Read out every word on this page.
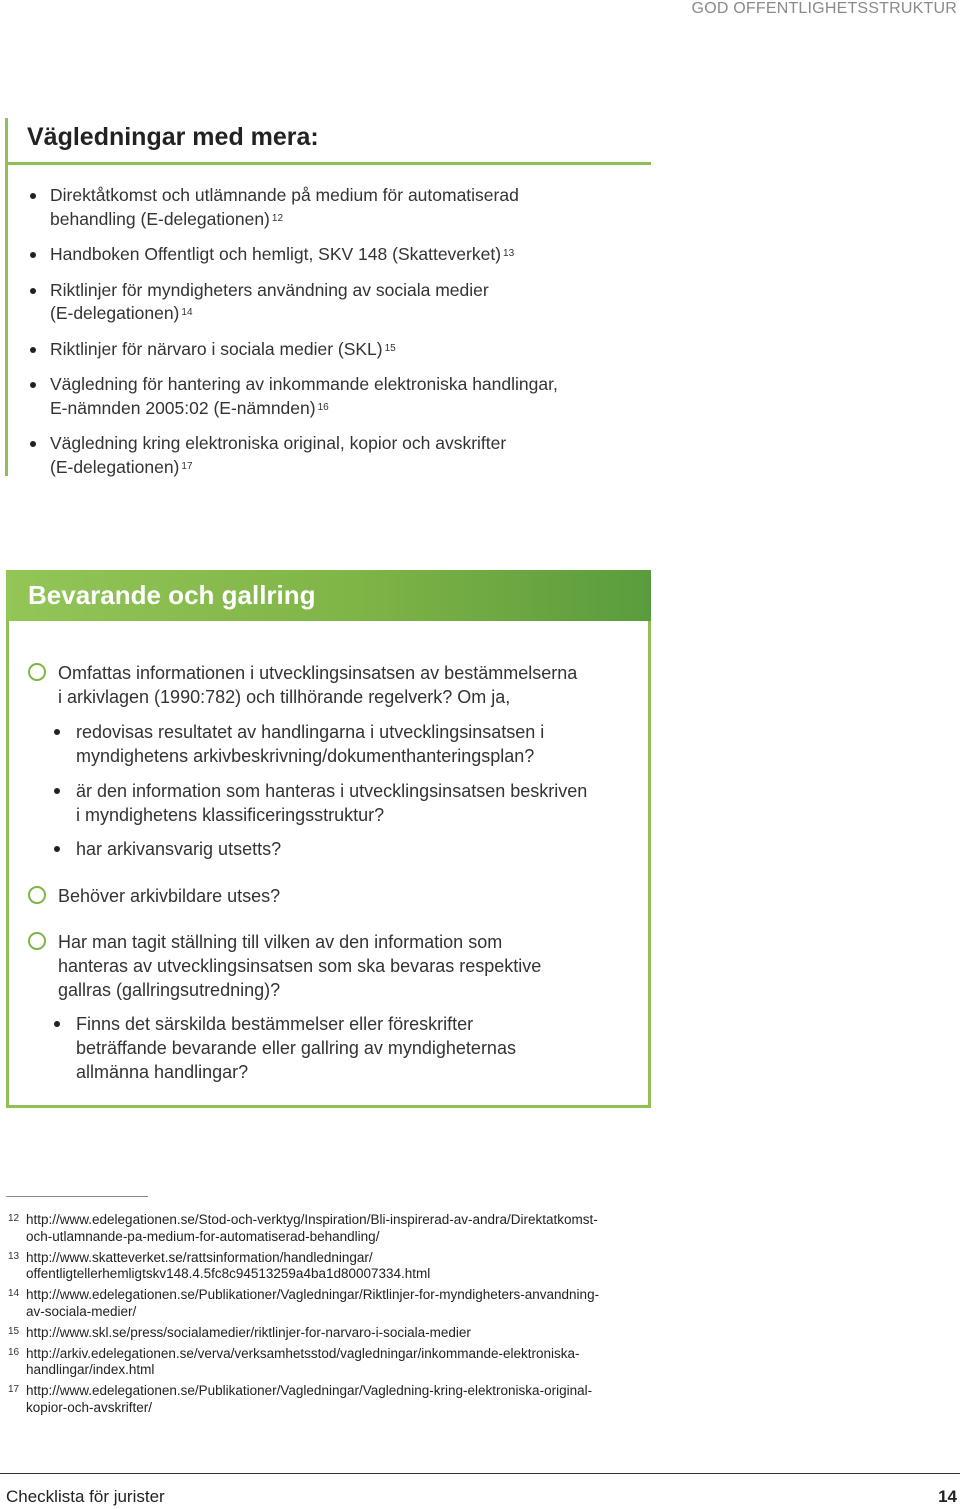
GOD OFFENTLIGHETSSTRUKTUR
Vägledningar med mera:
Direktåtkomst och utlämnande på medium för automatiserad
behandling (E-delegationen) $^{12}$
Handboken Offentligt och hemligt, SKV 148 (Skatteverket) $^{13}$
Riktlinjer för myndigheters användning av sociala medier
(E-delegationen) $^{14}$
Riktlinjer för närvaro i sociala medier (SKL) $^{15}$
Vägledning för hantering av inkommande elektroniska handlingar,
E-nämnden 2005:02 (E-nämnden) $^{16}$
Vägledning kring elektroniska original, kopior och avskrifter
(E-delegationen) $^{17}$
Bevarande och gallring
Omfattas informationen i utvecklingsinsatsen av bestämmelserna
i arkivlagen (1990:782) och tillhörande regelverk? Om ja,
redovisas resultatet av handlingarna i utvecklingsinsatsen i
myndighetens arkivbeskrivning/dokumenthanteringsplan?
är den information som hanteras i utvecklingsinsatsen beskriven
i myndighetens klassificeringsstruktur?
har arkivansvarig utsetts?
Behöver arkivbildare utses?
Har man tagit ställning till vilken av den information som
hanteras av utvecklingsinsatsen som ska bevaras respektive
gallras (gallringsutredning)?
Finns det särskilda bestämmelser eller föreskrifter
beträffande bevarande eller gallring av myndigheternas
allmänna handlingar?
12 http://www.edelegationen.se/Stod-och-verktyg/Inspiration/Bli-inspirerad-av-andra/Direktatkomst-
och-utlamnande-pa-medium-for-automatiserad-behandling/
13 http://www.skatteverket.se/rattsinformation/handledningar/
offentligtellerhemligtskv148.4.5fc8c94513259a4ba1d80007334.html
14 http://www.edelegationen.se/Publikationer/Vagledningar/Riktlinjer-for-myndigheters-anvandning-
av-sociala-medier/
15 http://www.skl.se/press/socialamedier/riktlinjer-for-narvaro-i-sociala-medier
16 http://arkiv.edelegationen.se/verva/verksamhetsstod/vagledningar/inkommande-elektroniska-
handlingar/index.html
17 http://www.edelegationen.se/Publikationer/Vagledningar/Vagledning-kring-elektroniska-original-
kopior-och-avskrifter/
Checklista för jurister	14
